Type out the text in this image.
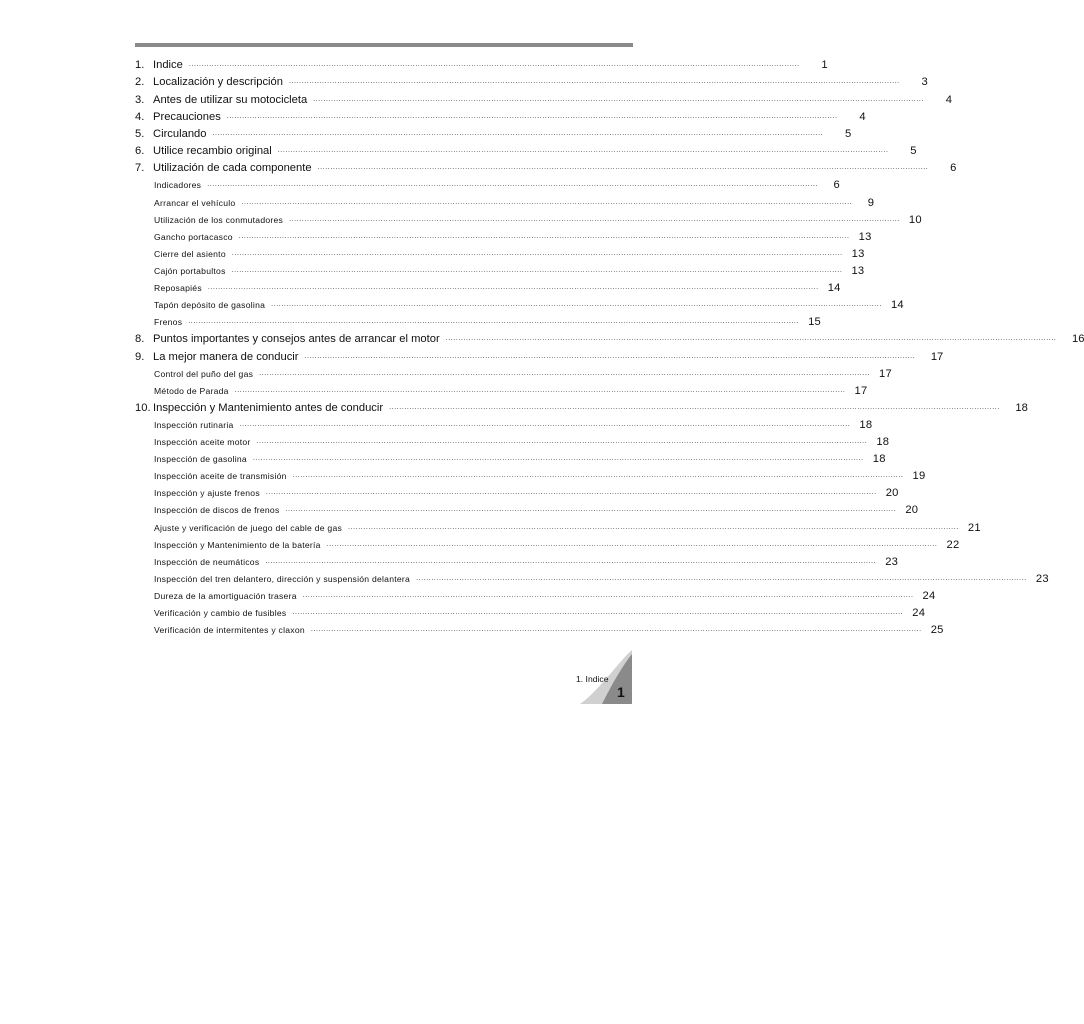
1. Indice ................................................................................................................................................................................................................................................	1
2. Localización y descripción ................................................................................................................................................................................................................................................	3
3. Antes de utilizar su motocicleta ................................................................................................................................................................................................................................................	4
4. Precauciones ................................................................................................................................................................................................................................................	4
5. Circulando ................................................................................................................................................................................................................................................	5
6. Utilice recambio original ................................................................................................................................................................................................................................................	5
7. Utilización de cada componente ................................................................................................................................................................................................................................................	6
Indicadores ................................................................................................................................................................................................................................................	6
Arrancar el vehículo ................................................................................................................................................................................................................................................	9
Utilización de los conmutadores ................................................................................................................................................................................................................................................ 10
Gancho portacasco ................................................................................................................................................................................................................................................ 13
Cierre del asiento ................................................................................................................................................................................................................................................ 13
Cajón portabultos ................................................................................................................................................................................................................................................ 13
Reposapiés ................................................................................................................................................................................................................................................ 14
Tapón depósito de gasolina ................................................................................................................................................................................................................................................ 14
Frenos ................................................................................................................................................................................................................................................ 15
8. Puntos importantes y consejos antes de arrancar el motor ................................................................................................................................................................................................................................................	16
9. La mejor manera de conducir ................................................................................................................................................................................................................................................	17
Control del puño del gas ................................................................................................................................................................................................................................................ 17
Método de Parada ................................................................................................................................................................................................................................................ 17
10. Inspección y Mantenimiento antes de conducir ................................................................................................................................................................................................................................................	18
Inspección rutinaria ................................................................................................................................................................................................................................................ 18
Inspección aceite motor ................................................................................................................................................................................................................................................ 18
Inspección de gasolina ................................................................................................................................................................................................................................................ 18
Inspección aceite de transmisión ................................................................................................................................................................................................................................................ 19
Inspección y ajuste frenos ................................................................................................................................................................................................................................................ 20
Inspección de discos de frenos ................................................................................................................................................................................................................................................ 20
Ajuste y verificación de juego del cable de gas ................................................................................................................................................................................................................................................ 21
Inspección y Mantenimiento de la batería ................................................................................................................................................................................................................................................ 22
Inspección de neumáticos ................................................................................................................................................................................................................................................ 23
Inspección del tren delantero, dirección y suspensión delantera ................................................................................................................................................................................................................................................ 23
Dureza de la amortiguación trasera ................................................................................................................................................................................................................................................ 24
Verificación y cambio de fusibles ................................................................................................................................................................................................................................................ 24
Verificación de intermitentes y claxon ................................................................................................................................................................................................................................................ 25
1. Indice
1
